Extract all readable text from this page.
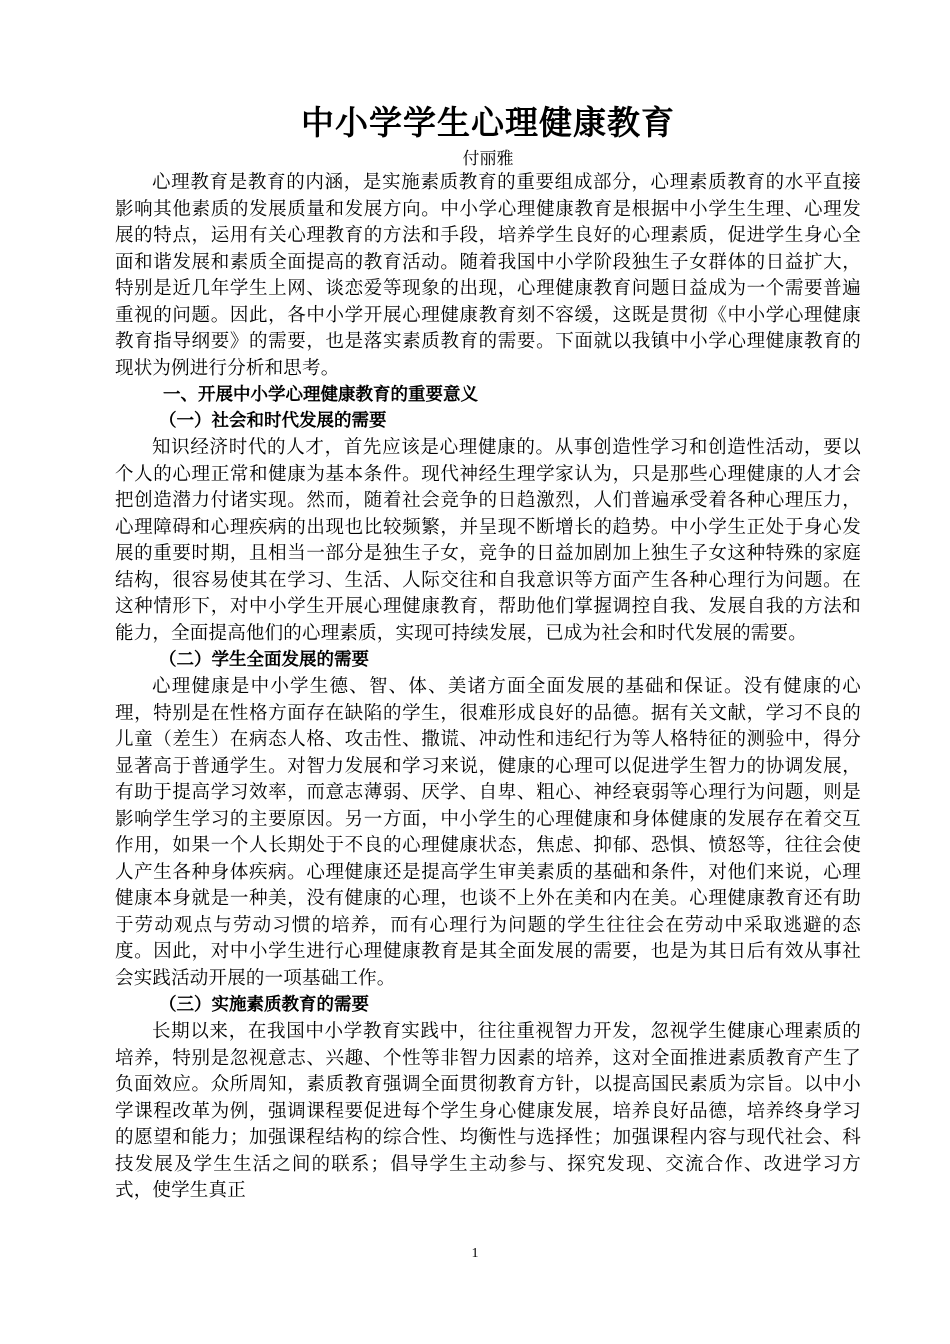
中小学学生心理健康教育

付丽雅

心理教育是教育的内涵，是实施素质教育的重要组成部分，心理素质教育的水平直接影响其他素质的发展质量和发展方向。中小学心理健康教育是根据中小学生生理、心理发展的特点，运用有关心理教育的方法和手段，培养学生良好的心理素质，促进学生身心全面和谐发展和素质全面提高的教育活动。随着我国中小学阶段独生子女群体的日益扩大，特别是近几年学生上网、谈恋爱等现象的出现，心理健康教育问题日益成为一个需要普遍重视的问题。因此，各中小学开展心理健康教育刻不容缓，这既是贯彻《中小学心理健康教育指导纲要》的需要，也是落实素质教育的需要。下面就以我镇中小学心理健康教育的现状为例进行分析和思考。

一、开展中小学心理健康教育的重要意义

（一）社会和时代发展的需要

知识经济时代的人才，首先应该是心理健康的。从事创造性学习和创造性活动，要以个人的心理正常和健康为基本条件。现代神经生理学家认为，只是那些心理健康的人才会把创造潜力付诸实现。然而，随着社会竞争的日趋激烈，人们普遍承受着各种心理压力，心理障碍和心理疾病的出现也比较频繁，并呈现不断增长的趋势。中小学生正处于身心发展的重要时期，且相当一部分是独生子女，竞争的日益加剧加上独生子女这种特殊的家庭结构，很容易使其在学习、生活、人际交往和自我意识等方面产生各种心理行为问题。在这种情形下，对中小学生开展心理健康教育，帮助他们掌握调控自我、发展自我的方法和能力，全面提高他们的心理素质，实现可持续发展，已成为社会和时代发展的需要。

（二）学生全面发展的需要

心理健康是中小学生德、智、体、美诸方面全面发展的基础和保证。没有健康的心理，特别是在性格方面存在缺陷的学生，很难形成良好的品德。据有关文献，学习不良的儿童（差生）在病态人格、攻击性、撒谎、冲动性和违纪行为等人格特征的测验中，得分显著高于普通学生。对智力发展和学习来说，健康的心理可以促进学生智力的协调发展，有助于提高学习效率，而意志薄弱、厌学、自卑、粗心、神经衰弱等心理行为问题，则是影响学生学习的主要原因。另一方面，中小学生的心理健康和身体健康的发展存在着交互作用，如果一个人长期处于不良的心理健康状态，焦虑、抑郁、恐惧、愤怒等，往往会使人产生各种身体疾病。心理健康还是提高学生审美素质的基础和条件，对他们来说，心理健康本身就是一种美，没有健康的心理，也谈不上外在美和内在美。心理健康教育还有助于劳动观点与劳动习惯的培养，而有心理行为问题的学生往往会在劳动中采取逃避的态度。因此，对中小学生进行心理健康教育是其全面发展的需要，也是为其日后有效从事社会实践活动开展的一项基础工作。

（三）实施素质教育的需要

长期以来，在我国中小学教育实践中，往往重视智力开发，忽视学生健康心理素质的培养，特别是忽视意志、兴趣、个性等非智力因素的培养，这对全面推进素质教育产生了负面效应。众所周知，素质教育强调全面贯彻教育方针，以提高国民素质为宗旨。以中小学课程改革为例，强调课程要促进每个学生身心健康发展，培养良好品德，培养终身学习的愿望和能力；加强课程结构的综合性、均衡性与选择性；加强课程内容与现代社会、科技发展及学生生活之间的联系；倡导学生主动参与、探究发现、交流合作、改进学习方式，使学生真正

1
